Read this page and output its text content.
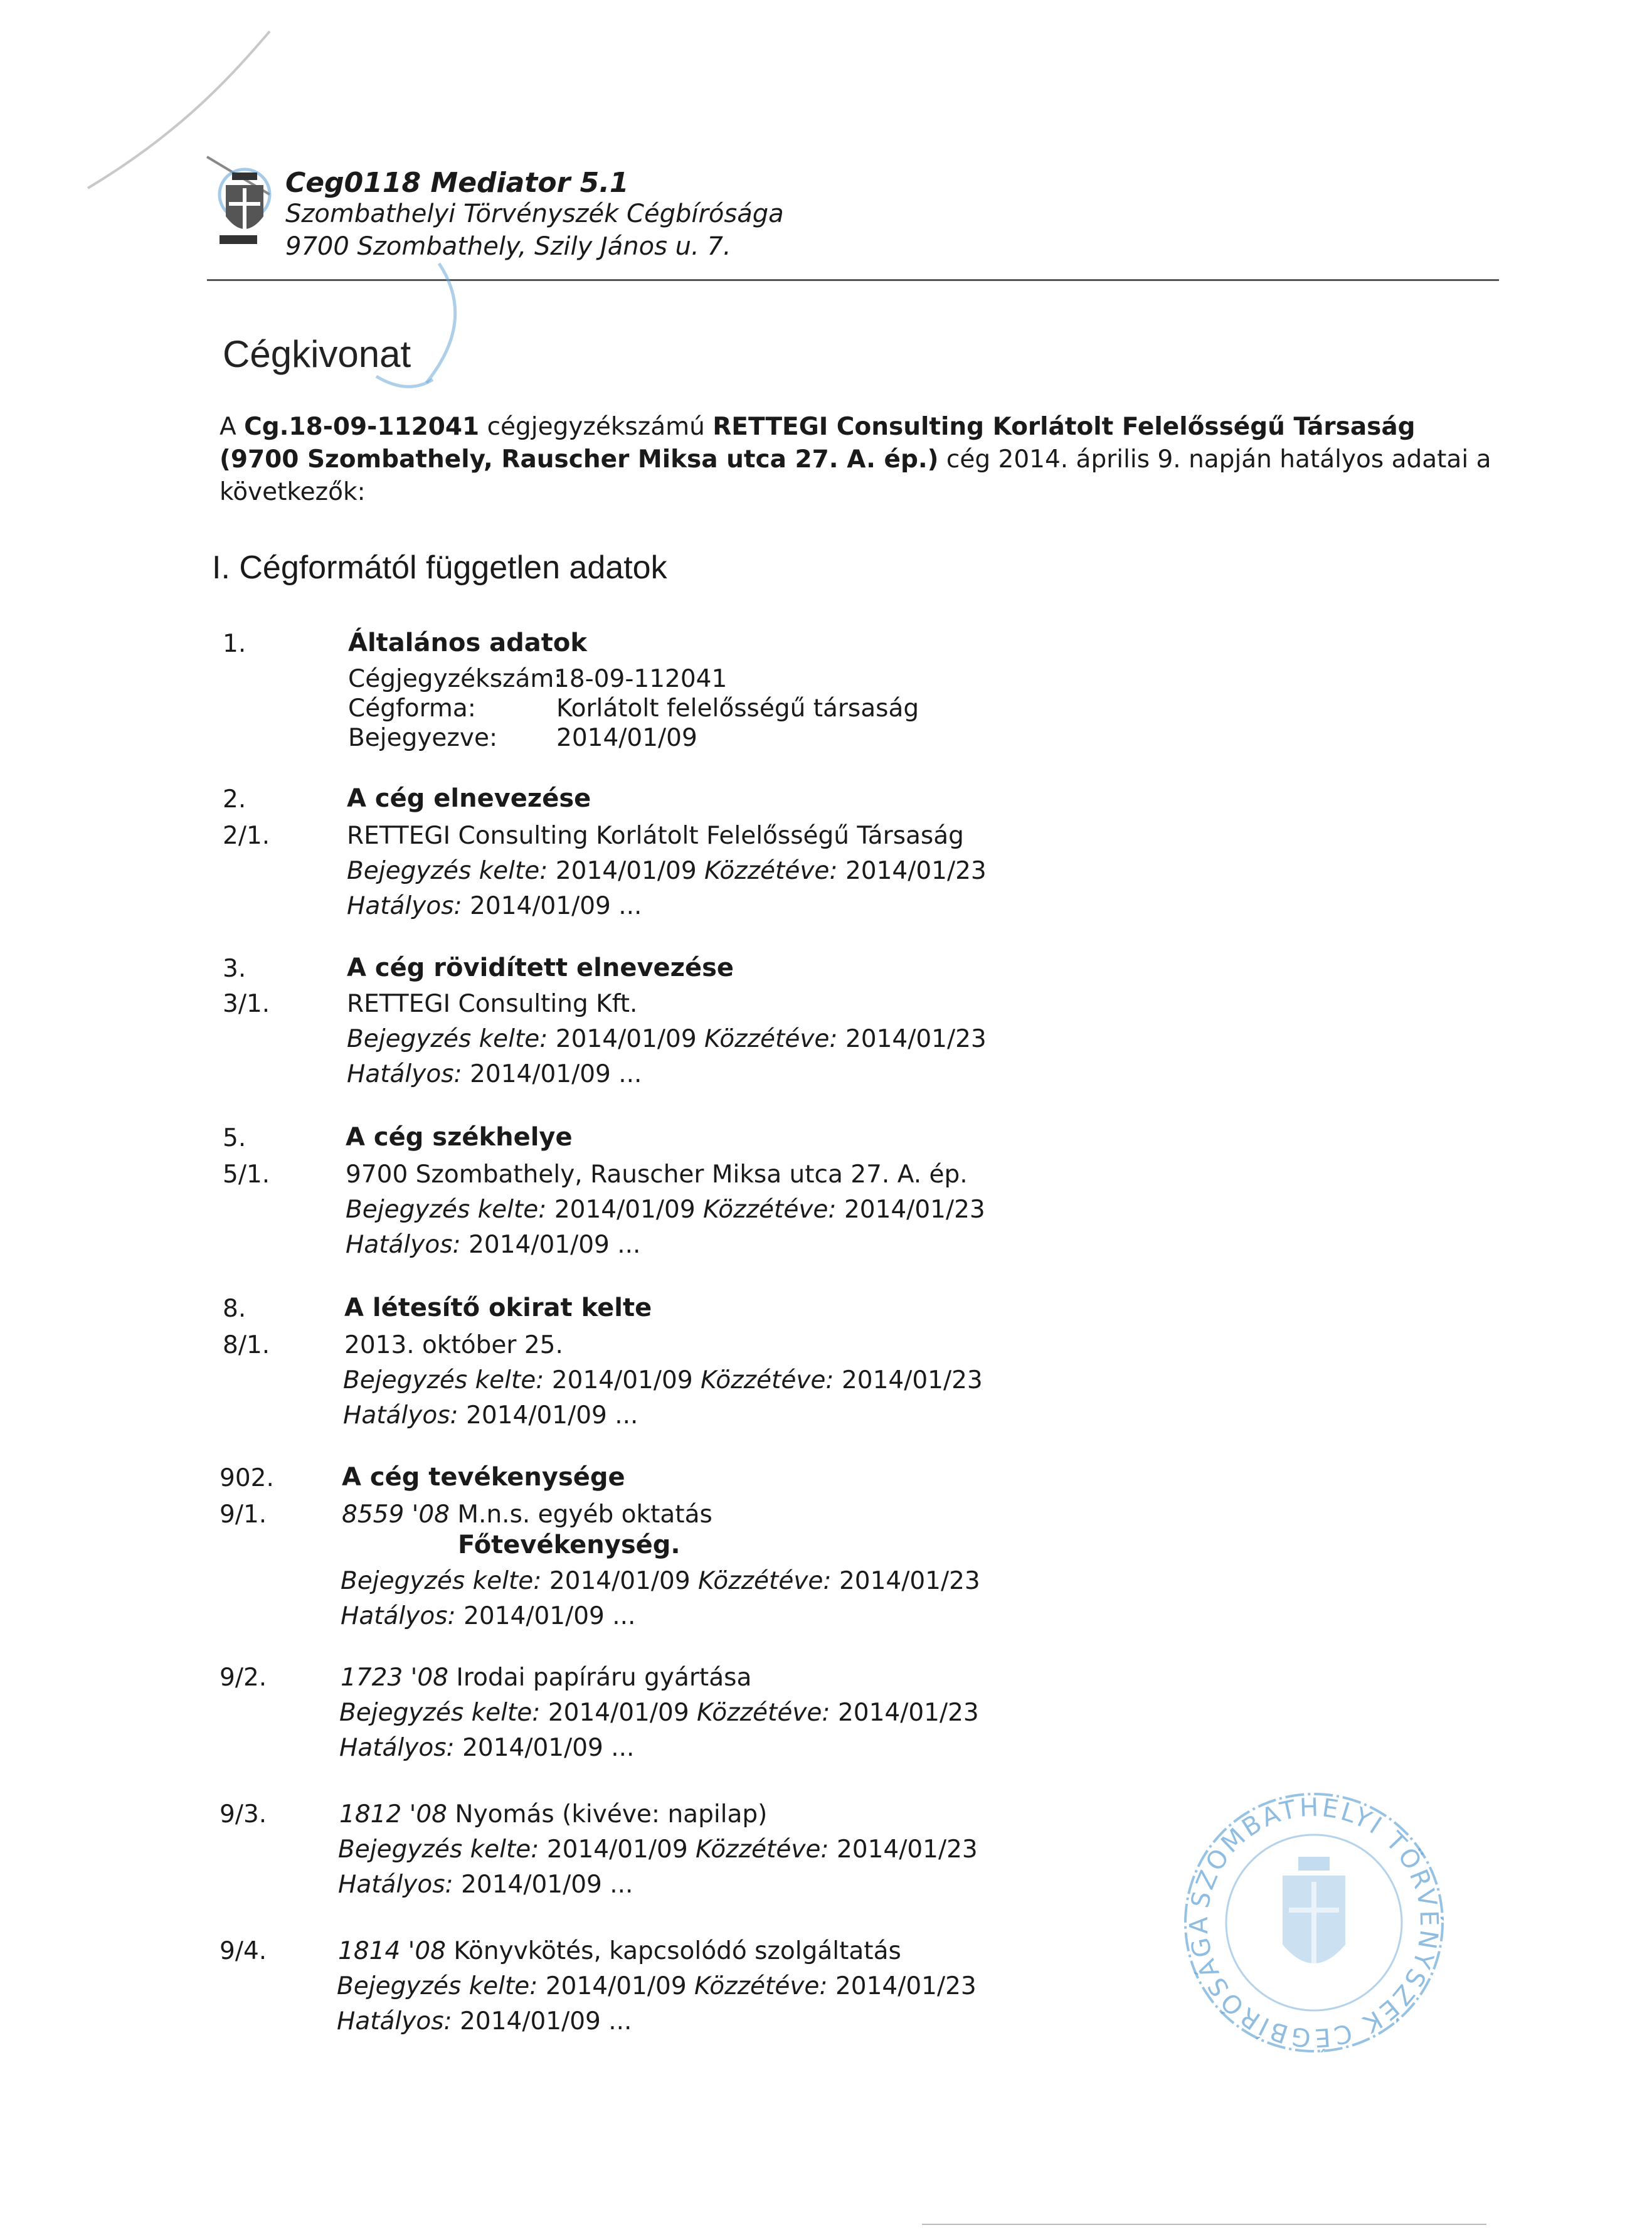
Ceg0118 Mediator 5.1
Szombathelyi Törvényszék Cégbírósága
9700 Szombathely, Szily János u. 7.
Cégkivonat
A Cg.18-09-112041 cégjegyzékszámú RETTEGI Consulting Korlátolt Felelősségű Társaság (9700 Szombathely, Rauscher Miksa utca 27. A. ép.) cég 2014. április 9. napján hatályos adatai a következők:
I. Cégformától független adatok
1.	Általános adatok
Cégjegyzékszám:
18-09-112041
Cégforma:	Korlátolt felelősségű társaság
Bejegyezve: 2014/01/09
2.	A cég elnevezése
2/1.	RETTEGI Consulting Korlátolt Felelősségű Társaság
Bejegyzés kelte: 2014/01/09 Közzétéve: 2014/01/23
Hatályos: 2014/01/09 ...
3.	A cég rövidített elnevezése
3/1.	RETTEGI Consulting Kft.
Bejegyzés kelte: 2014/01/09 Közzétéve: 2014/01/23
Hatályos: 2014/01/09 ...
5.	A cég székhelye
5/1.	9700 Szombathely, Rauscher Miksa utca 27. A. ép.
Bejegyzés kelte: 2014/01/09 Közzétéve: 2014/01/23
Hatályos: 2014/01/09 ...
8.	A létesítő okirat kelte
8/1.	2013. október 25.
Bejegyzés kelte: 2014/01/09 Közzétéve: 2014/01/23
Hatályos: 2014/01/09 ...
902.	A cég tevékenysége
9/1.	8559 '08 M.n.s. egyéb oktatás
Főtevékenység.
Bejegyzés kelte: 2014/01/09 Közzétéve: 2014/01/23
Hatályos: 2014/01/09 ...
9/2.	1723 '08 Irodai papíráru gyártása
Bejegyzés kelte: 2014/01/09 Közzétéve: 2014/01/23
Hatályos: 2014/01/09 ...
9/3.	1812 '08 Nyomás (kivéve: napilap)
Bejegyzés kelte: 2014/01/09 Közzétéve: 2014/01/23
Hatályos: 2014/01/09 ...
9/4.	1814 '08 Könyvkötés, kapcsolódó szolgáltatás
Bejegyzés kelte: 2014/01/09 Közzétéve: 2014/01/23
Hatályos: 2014/01/09 ...
SZOMBATHELYI TÖRVÉNYSZÉK CÉGBÍRÓSÁGA
